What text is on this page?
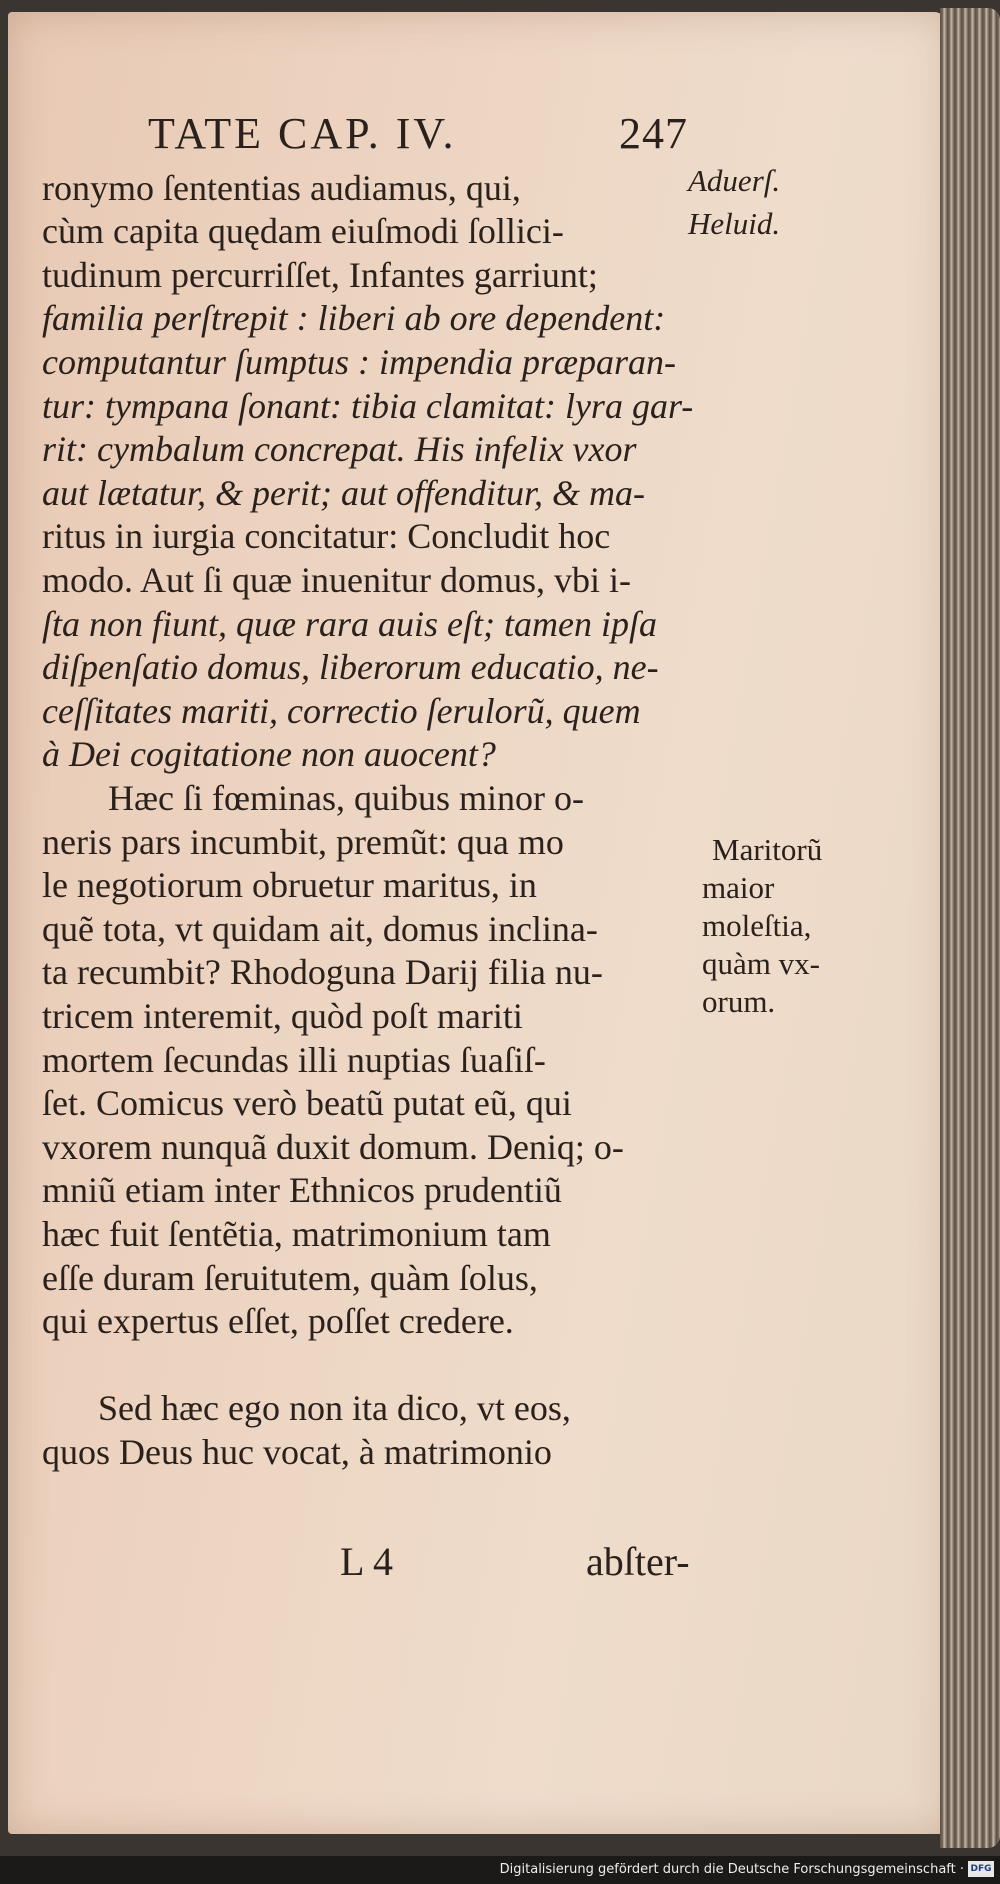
TATE CAP. IV.	247
ronymo ſententias audiamus, qui,
cùm capita quędam eiuſmodi ſollici-
tudinum percurriſſet, Infantes garriunt;
familia perſtrepit : liberi ab ore dependent:
computantur ſumptus : impendia præparan-
tur: tympana ſonant: tibia clamitat: lyra gar-
rit: cymbalum concrepat. His infelix vxor
aut lætatur, & perit; aut offenditur, & ma-
ritus in iurgia concitatur: Concludit hoc
modo. Aut ſi quæ inuenitur domus, vbi i-
ſta non fiunt, quæ rara auis eſt; tamen ipſa
diſpenſatio domus, liberorum educatio, ne-
ceſſitates mariti, correctio ſerulorũ, quem
à Dei cogitatione non auocent?
Hæc ſi fœminas, quibus minor o-
neris pars incumbit, premũt: qua mo
le negotiorum obruetur maritus, in
quẽ tota, vt quidam ait, domus inclina-
ta recumbit? Rhodoguna Darij filia nu-
tricem interemit, quòd poſt mariti
mortem ſecundas illi nuptias ſuaſiſ-
ſet. Comicus verò beatũ putat eũ, qui
vxorem nunquã duxit domum. Deniq; o-
mniũ etiam inter Ethnicos prudentiũ
hæc fuit ſentẽtia, matrimonium tam
eſſe duram ſeruitutem, quàm ſolus,
qui expertus eſſet, poſſet credere.
Sed hæc ego non ita dico, vt eos,
quos Deus huc vocat, à matrimonio
Aduerſ.
Heluid.
Maritorũ
maior
moleſtia,
quàm vx-
orum.
L 4	abſter-
Digitalisierung gefördert durch die Deutsche Forschungsgemeinschaft · DFG
